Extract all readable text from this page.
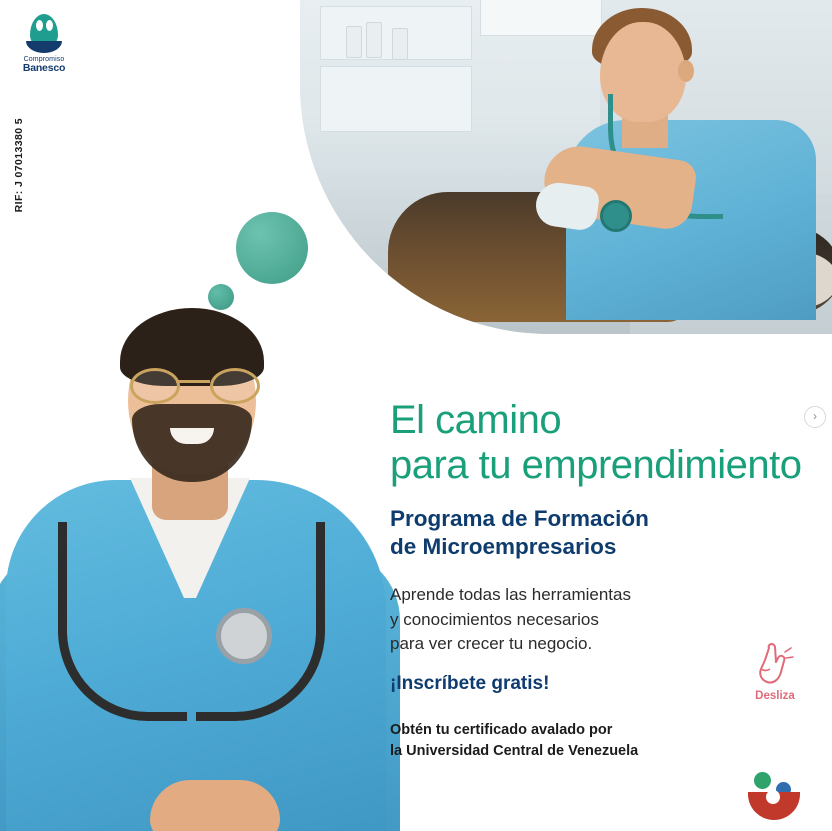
Compromiso
Banesco
RIF: J 07013380 5
El camino
para tu emprendimiento
Programa de Formación
de Microempresarios
Aprende todas las herramientas
y conocimientos necesarios
para ver crecer tu negocio.
¡Inscríbete gratis!
Obtén tu certificado avalado por
la Universidad Central de Venezuela
Desliza
›
